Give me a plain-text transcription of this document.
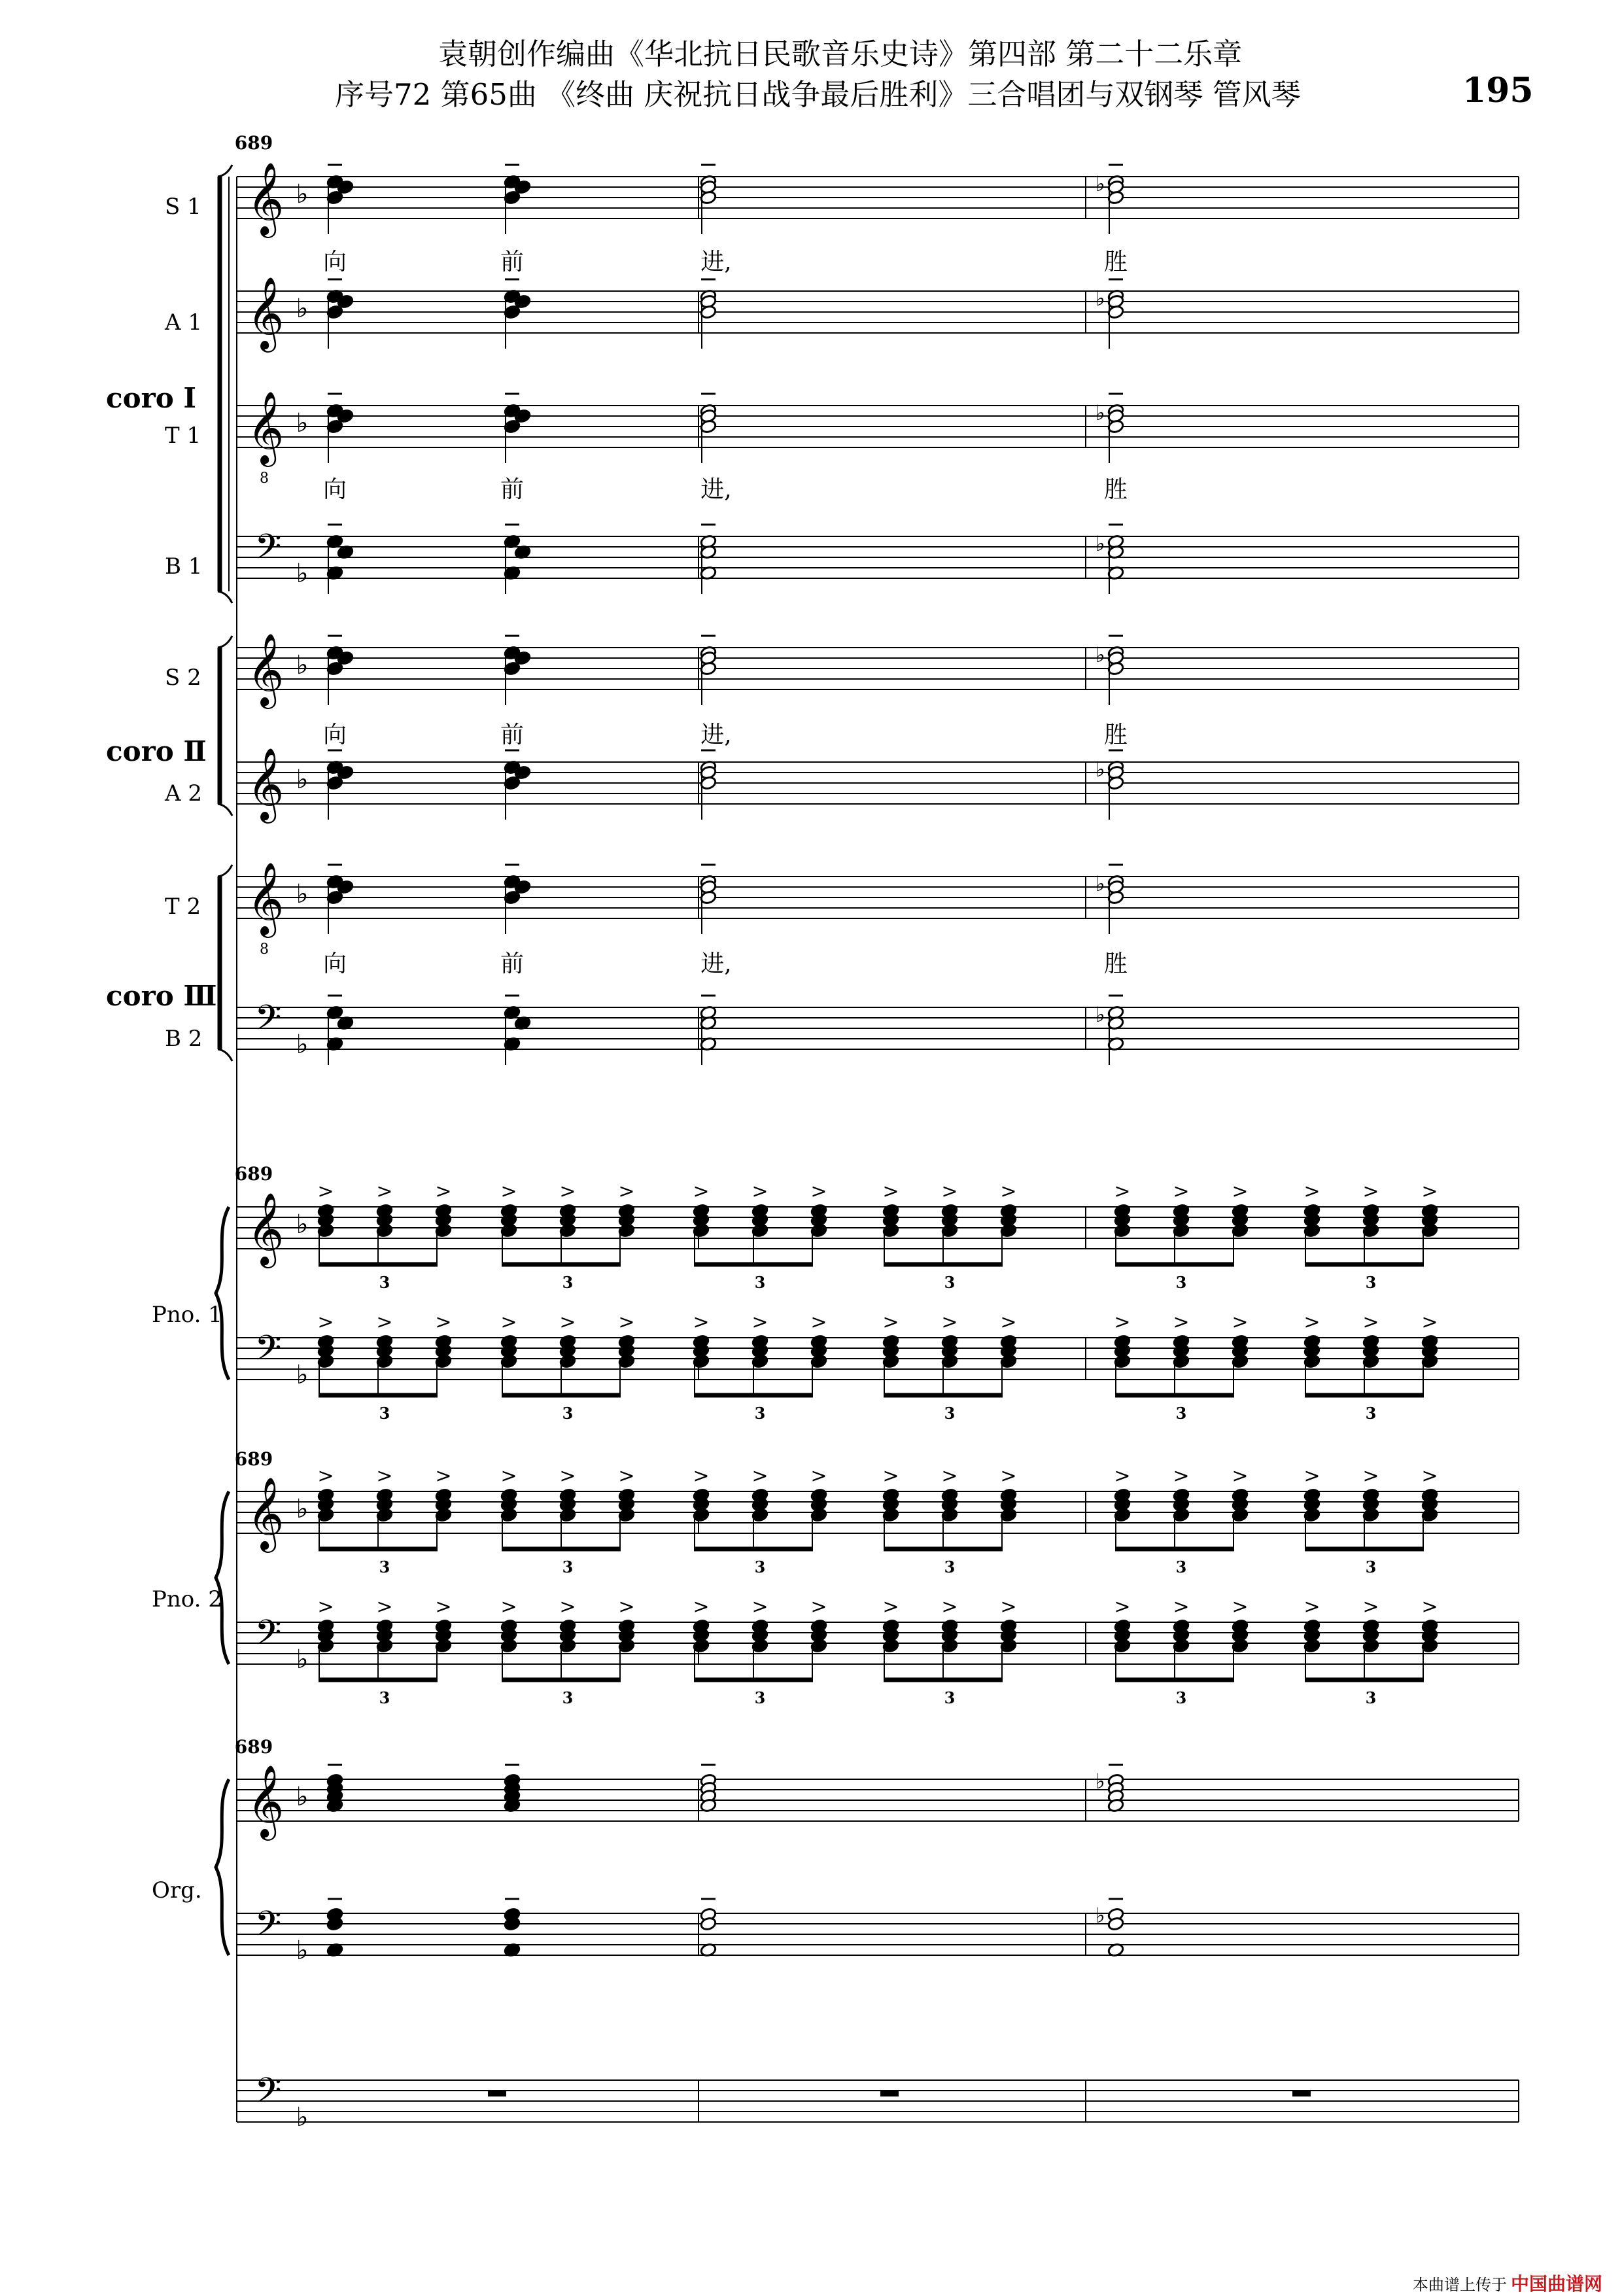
袁朝创作编曲《华北抗日民歌音乐史诗》第四部 第二十二乐章
序号72 第65曲 《终曲 庆祝抗日战争最后胜利》三合唱团与双钢琴 管风琴	195
𝄞 ♭
𝄞 ♭
𝄞
8
♭
𝄢 ♭
𝄞 ♭
𝄞 ♭
𝄞
8
♭
𝄢 ♭
𝄞 ♭
𝄢 ♭
𝄞 ♭
𝄢 ♭
𝄞 ♭
𝄢 ♭
𝄢 ♭
689
689
689
689
♭
♭
♭
♭
♭
♭
♭
♭
向	前	进,	胜
向	前	进,	胜
向	前	进,	胜
向	前	进,	胜
> > >
3
> > >
3
> > >
3
> > >
3
> > >
3
> > >
3
> > >
3
> > >
3
> > >
3
> > >
3
> > >
3
> > >
3
> > >
3
> > >
3
> > >
3
> > >
3
> > >
3
> > >
3
> > >
3
> > >
3
> > >
3
> > >
3
> > >
3
> > >
3
♭
♭
S 1
A 1
T 1
B 1
S 2
A 2
T 2
B 2
Pno. 1
Pno. 2
Org.
coro Ⅰ
coro Ⅱ
coro Ⅲ
本曲谱上传于 中国曲谱网
